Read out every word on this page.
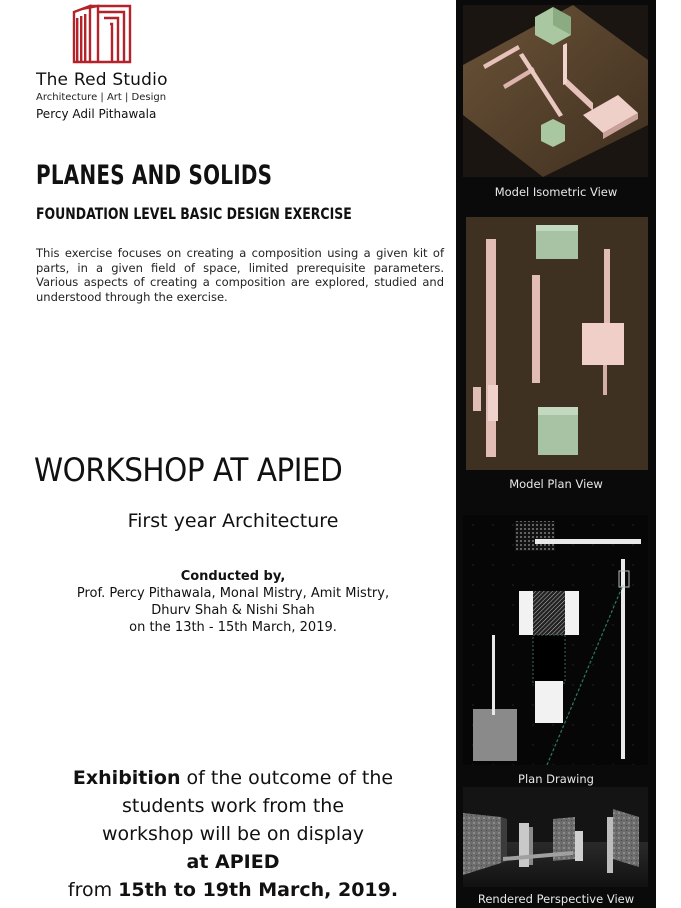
The Red Studio
Architecture | Art | Design
Percy Adil Pithawala
PLANES AND SOLIDS
FOUNDATION LEVEL BASIC DESIGN EXERCISE

This exercise focuses on creating a composition using a given kit of parts, in a given field of space, limited prerequisite parameters. Various aspects of creating a composition are explored, studied and understood through the exercise.

WORKSHOP AT APIED
First year Architecture
Conducted by,
Prof. Percy Pithawala, Monal Mistry, Amit Mistry,
Dhurv Shah & Nishi Shah
on the 13th - 15th March, 2019.
Exhibition of the outcome of the
students work from the
workshop will be on display
at APIED
from 15th to 19th March, 2019.
Model Isometric View
Model Plan View
Plan Drawing
Rendered Perspective View
